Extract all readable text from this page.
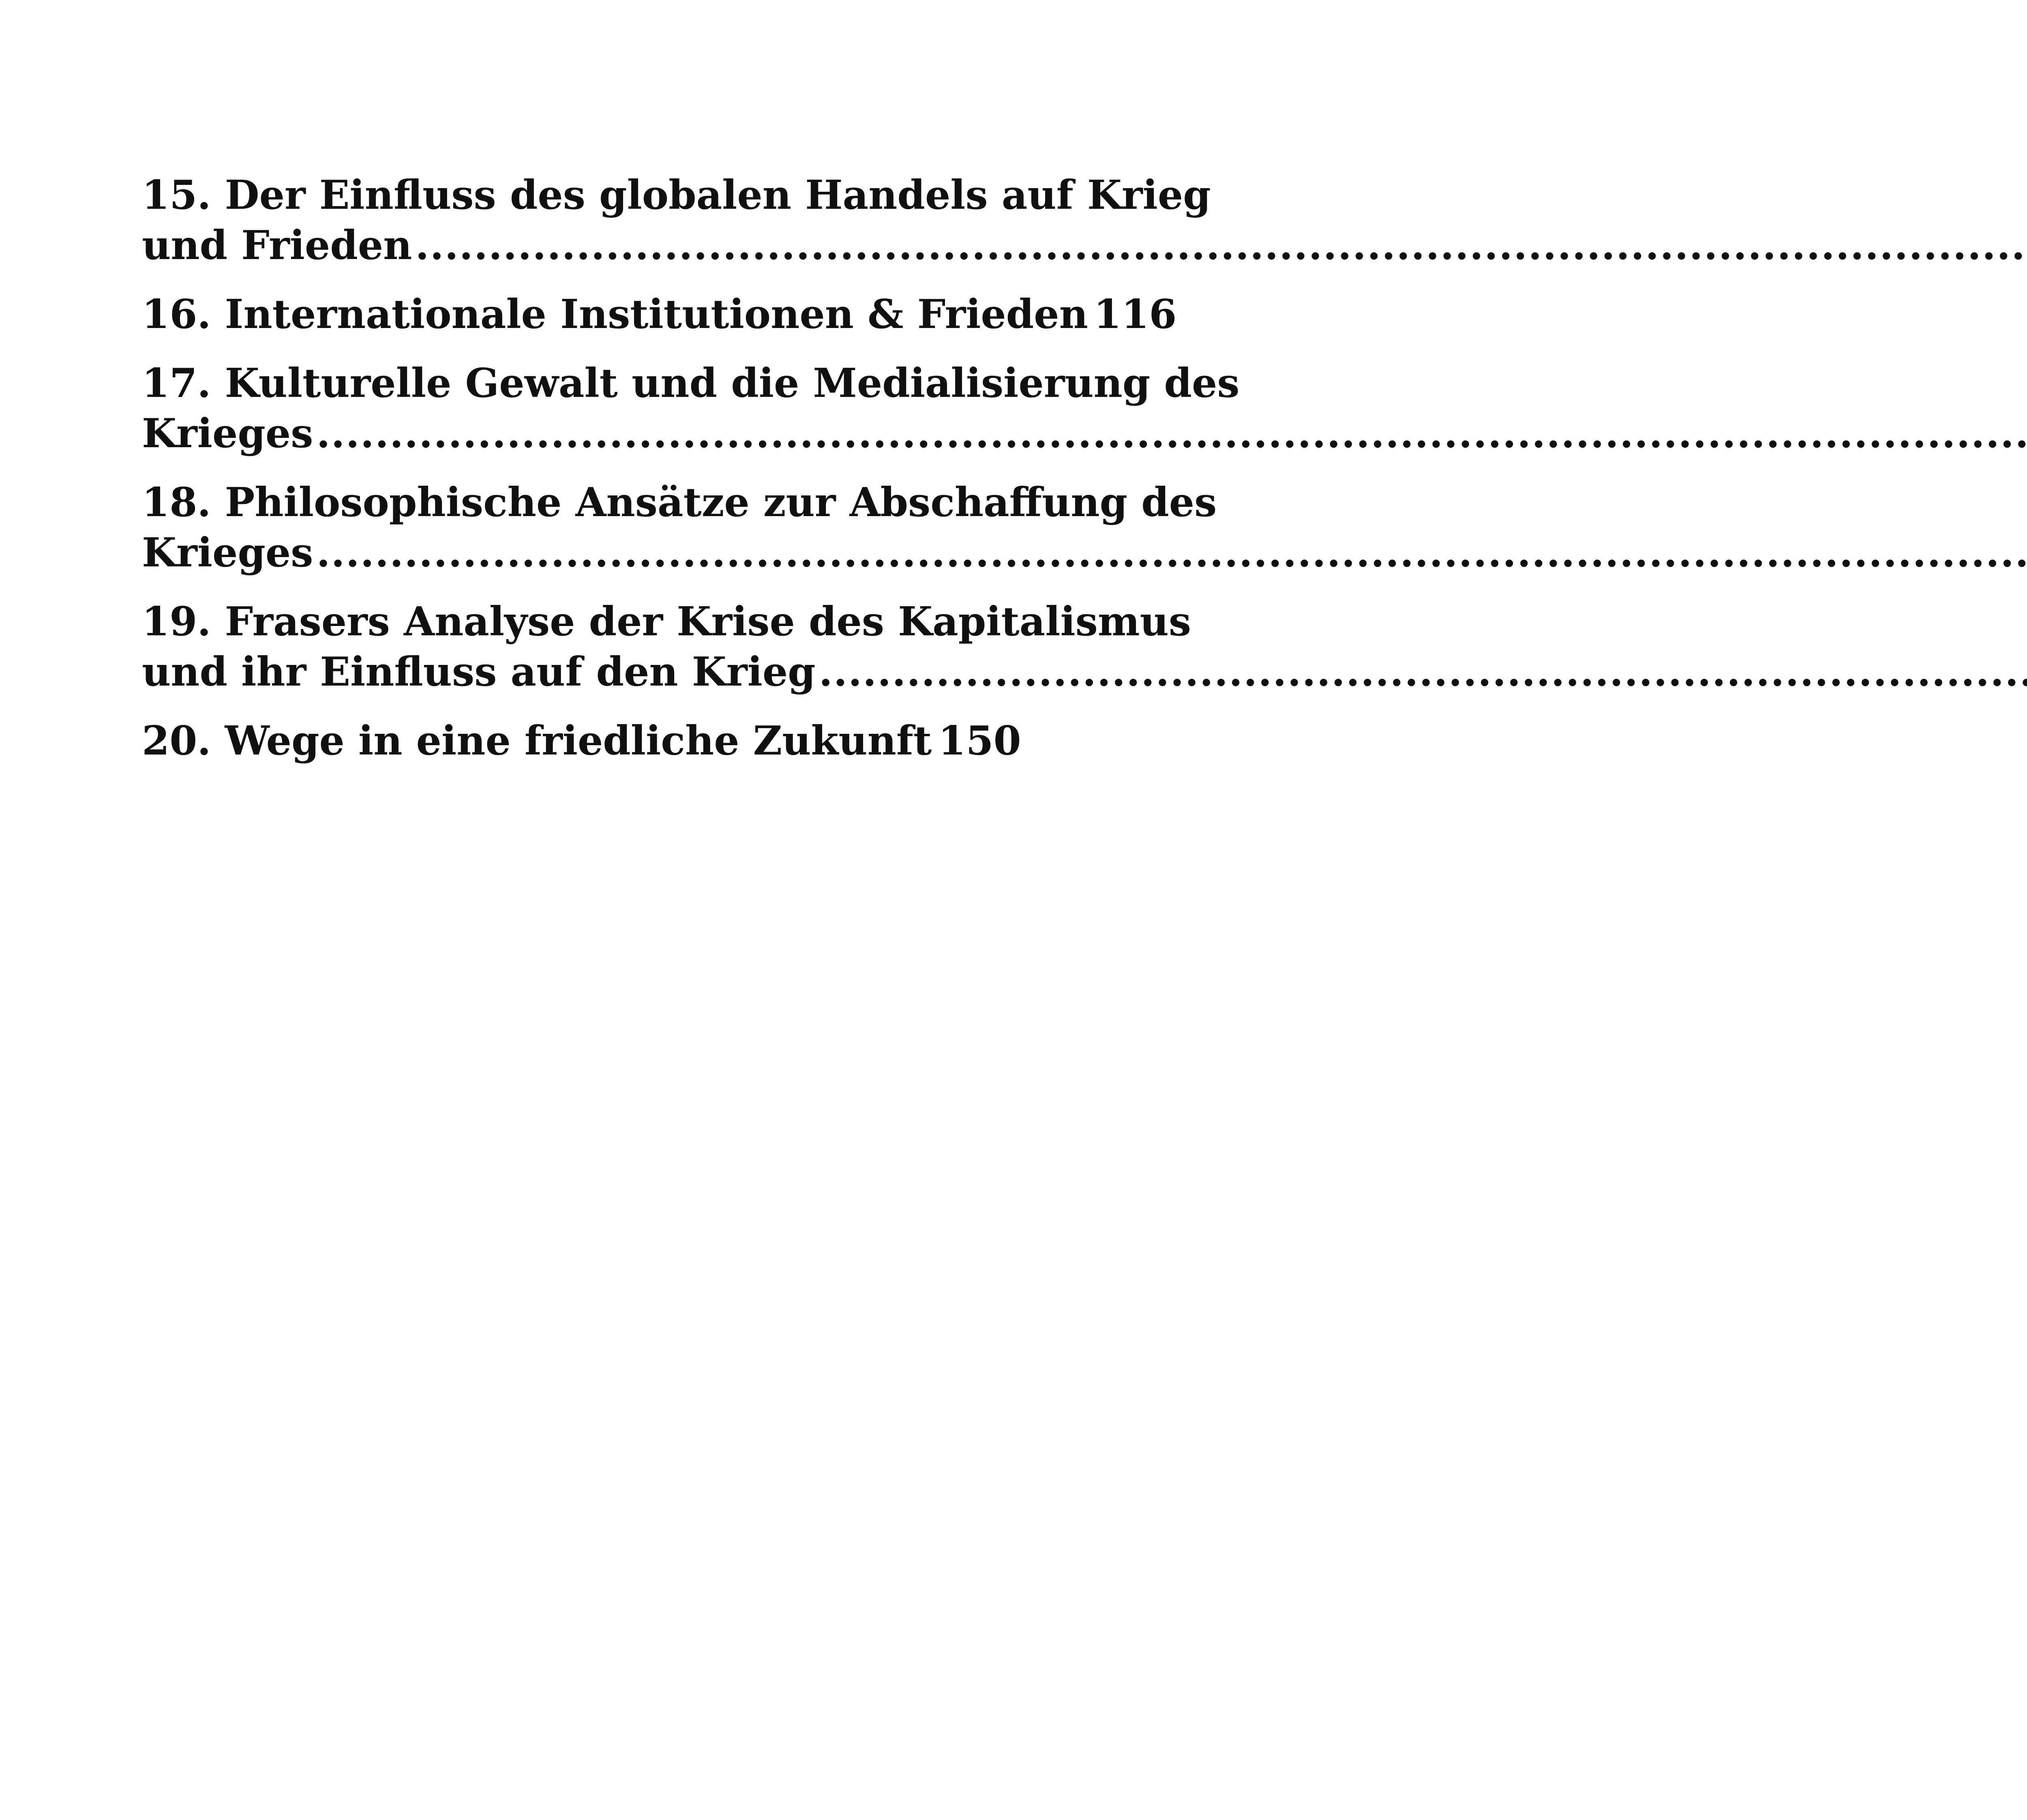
15. Der Einfluss des globalen Handels auf Krieg
und Frieden
.....
16. Internationale Institutionen & Frieden 116
17. Kulturelle Gewalt und die Medialisierung des
Krieges
.....
18. Philosophische Ansätze zur Abschaffung des
Krieges
.....
19. Frasers Analyse der Krise des Kapitalismus
und ihr Einfluss auf den Krieg
.....
20. Wege in eine friedliche Zukunft 150
